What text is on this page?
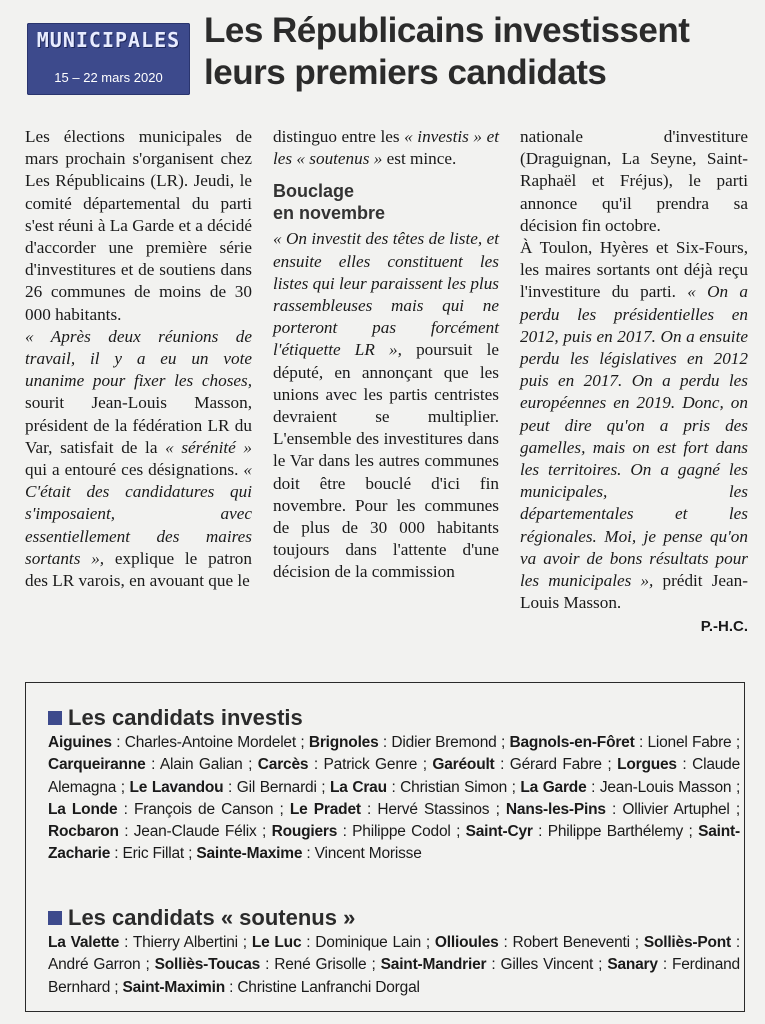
MUNICIPALES
15 – 22 mars 2020
Les Républicains investissent
leurs premiers candidats

Les élections municipales de mars prochain s'organisent chez Les Républicains (LR). Jeudi, le comité départemental du parti s'est réuni à La Garde et a décidé d'accorder une première série d'investitures et de soutiens dans 26 communes de moins de 30 000 habitants.

« Après deux réunions de travail, il y a eu un vote unanime pour fixer les choses, sourit Jean-Louis Masson, président de la fédération LR du Var, satisfait de la « sérénité » qui a entouré ces désignations. « C'était des candidatures qui s'imposaient, avec essentiellement des maires sortants », explique le patron des LR varois, en avouant que le

distinguo entre les « investis » et les « soutenus » est mince.

Bouclage
en novembre

« On investit des têtes de liste, et ensuite elles constituent les listes qui leur paraissent les plus rassembleuses mais qui ne porteront pas forcément l'étiquette LR », poursuit le député, en annonçant que les unions avec les partis centristes devraient se multiplier. L'ensemble des investitures dans le Var dans les autres communes doit être bouclé d'ici fin novembre. Pour les communes de plus de 30 000 habitants toujours dans l'attente d'une décision de la commission

nationale d'investiture (Draguignan, La Seyne, Saint-Raphaël et Fréjus), le parti annonce qu'il prendra sa décision fin octobre.

À Toulon, Hyères et Six-Fours, les maires sortants ont déjà reçu l'investiture du parti. « On a perdu les présidentielles en 2012, puis en 2017. On a ensuite perdu les législatives en 2012 puis en 2017. On a perdu les européennes en 2019. Donc, on peut dire qu'on a pris des gamelles, mais on est fort dans les territoires. On a gagné les municipales, les départementales et les régionales. Moi, je pense qu'on va avoir de bons résultats pour les municipales », prédit Jean-Louis Masson.

P.-H.C.
Les candidats investis
Aiguines : Charles-Antoine Mordelet ; Brignoles : Didier Bremond ; Bagnols-en-Fôret : Lionel Fabre ; Carqueiranne : Alain Galian ; Carcès : Patrick Genre ; Garéoult : Gérard Fabre ; Lorgues : Claude Alemagna ; Le Lavandou : Gil Bernardi ; La Crau : Christian Simon ; La Garde : Jean-Louis Masson ; La Londe : François de Canson ; Le Pradet : Hervé Stassinos ; Nans-les-Pins : Ollivier Artuphel ; Rocbaron : Jean-Claude Félix ; Rougiers : Philippe Codol ; Saint-Cyr : Philippe Barthélemy ; Saint-Zacharie : Eric Fillat ; Sainte-Maxime : Vincent Morisse
Les candidats « soutenus »
La Valette : Thierry Albertini ; Le Luc : Dominique Lain ; Ollioules : Robert Beneventi ; Solliès-Pont : André Garron ; Solliès-Toucas : René Grisolle ; Saint-Mandrier : Gilles Vincent ; Sanary : Ferdinand Bernhard ; Saint-Maximin : Christine Lanfranchi Dorgal
